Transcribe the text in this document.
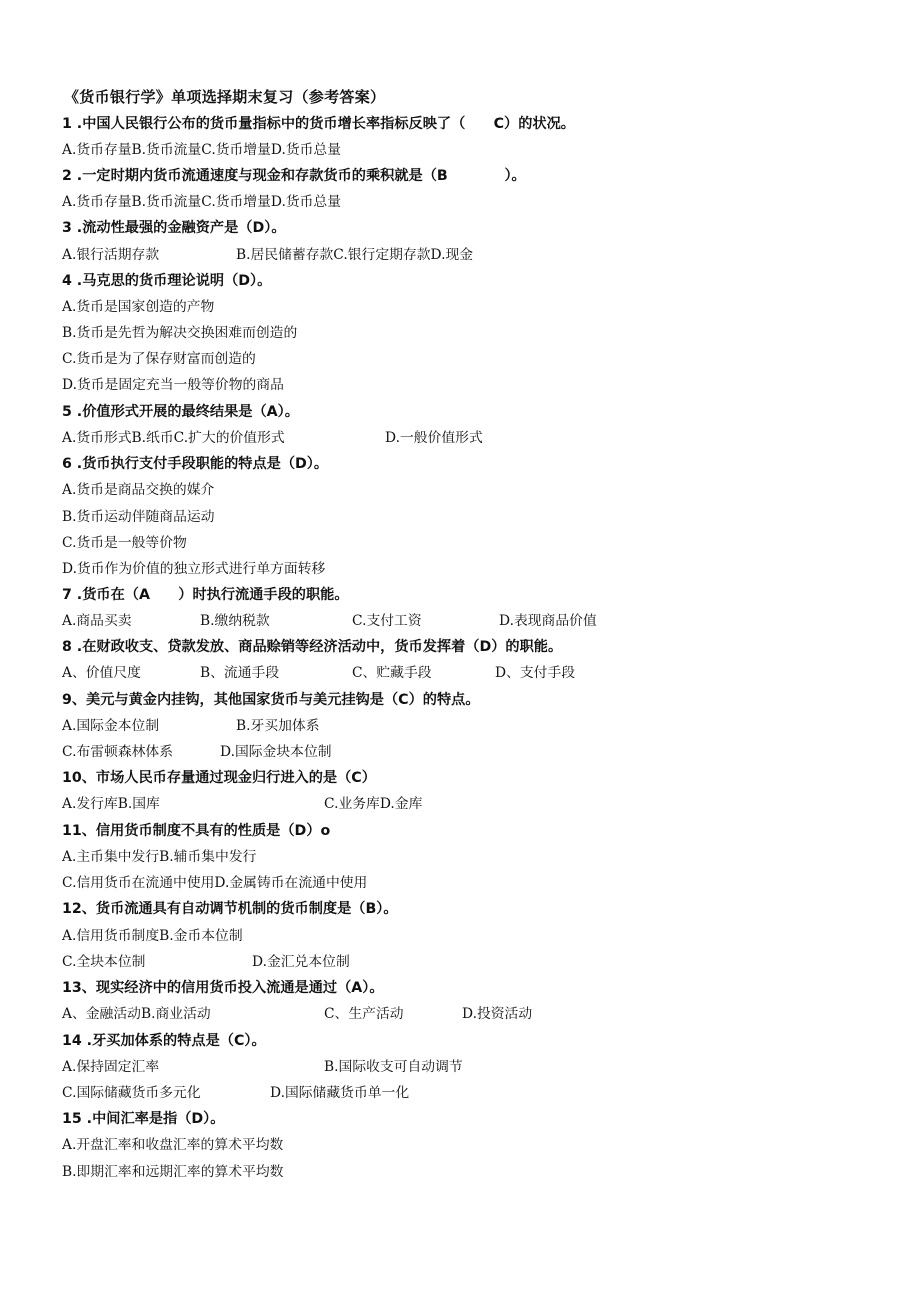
《货币银行学》单项选择期末复习（参考答案）
1 .中国人民银行公布的货币量指标中的货币增长率指标反映了（　　C）的状况。
A.货币存量B.货币流量C.货币增量D.货币总量
2 .一定时期内货币流通速度与现金和存款货币的乘积就是（B　　　　）。
A.货币存量B.货币流量C.货币增量D.货币总量
3 .流动性最强的金融资产是（D）。

A.银行活期存款

	B.居民储蓄存款C.银行定期存款D.现金

4 .马克思的货币理论说明（D）。
A.货币是国家创造的产物
B.货币是先哲为解决交换困难而创造的
C.货币是为了保存财富而创造的
D.货币是固定充当一般等价物的商品
5 .价值形式开展的最终结果是（A）。

A.货币形式B.纸币C.扩大的价值形式

	D.一般价值形式

6 .货币执行支付手段职能的特点是（D）。
A.货币是商品交换的媒介
B.货币运动伴随商品运动
C.货币是一般等价物
D.货币作为价值的独立形式进行单方面转移
7 .货币在（A　　）时执行流通手段的职能。

A.商品买卖

	B.缴纳税款

	C.支付工资

	D.表现商品价值

8 .在财政收支、贷款发放、商品赊销等经济活动中，货币发挥着（D）的职能。

A、价值尺度

	B、流通手段

	C、贮藏手段

	D、支付手段

9、美元与黄金内挂钩，其他国家货币与美元挂钩是（C）的特点。

A.国际金本位制

	B.牙买加体系

C.布雷顿森林体系

	D.国际金块本位制

10、市场人民币存量通过现金归行进入的是（C）

A.发行库B.国库

	C.业务库D.金库

11、信用货币制度不具有的性质是（D）o
A.主币集中发行B.辅币集中发行
C.信用货币在流通中使用D.金属铸币在流通中使用
12、货币流通具有自动调节机制的货币制度是（B）。
A.信用货币制度B.金币本位制

C.全块本位制

	D.金汇兑本位制

13、现实经济中的信用货币投入流通是通过（A）。

A、金融活动B.商业活动

	C、生产活动

	D.投资活动

14 .牙买加体系的特点是（C）。

A.保持固定汇率

	B.国际收支可自动调节

C.国际储藏货币多元化

	D.国际储藏货币单一化

15 .中间汇率是指（D）。
A.开盘汇率和收盘汇率的算术平均数
B.即期汇率和远期汇率的算术平均数
